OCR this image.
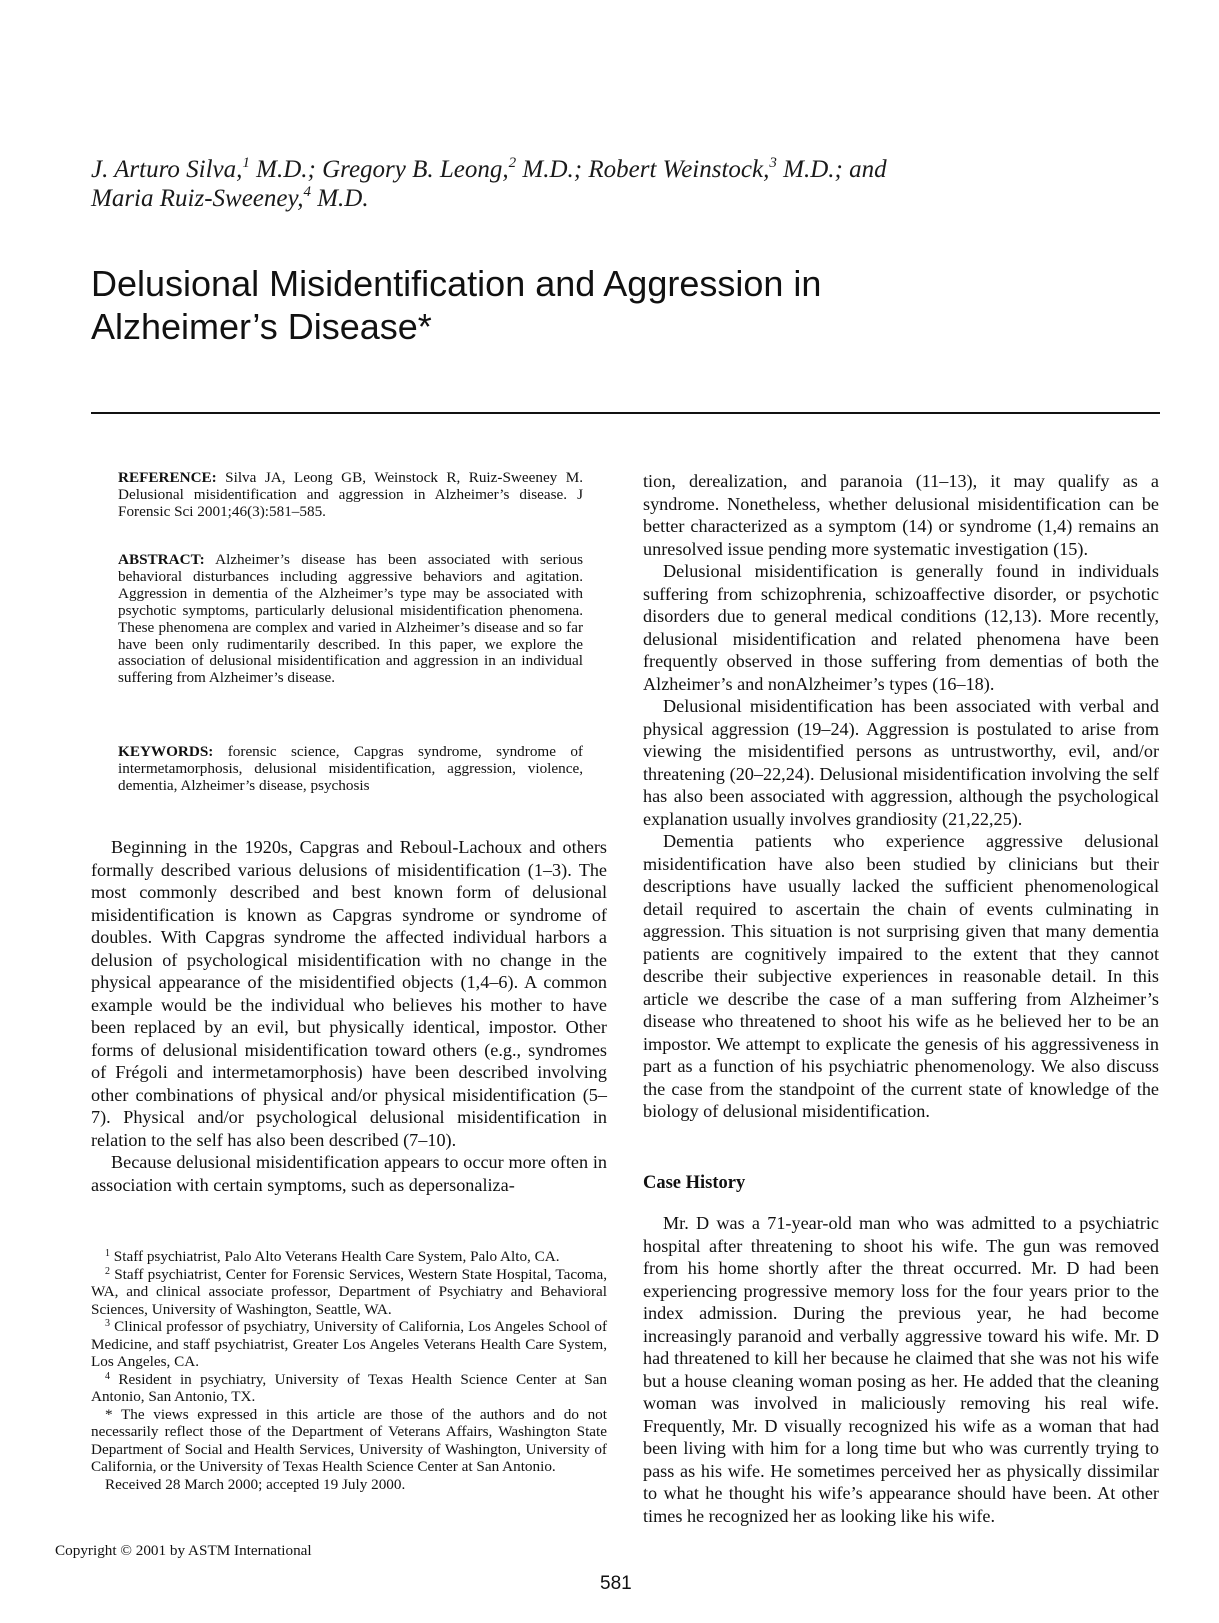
J. Arturo Silva,$^1$ M.D.; Gregory B. Leong,$^2$ M.D.; Robert Weinstock,$^3$ M.D.; and
Maria Ruiz-Sweeney,$^4$ M.D.
Delusional Misidentification and Aggression in
Alzheimer’s Disease*
REFERENCE: Silva JA, Leong GB, Weinstock R, Ruiz-Sweeney M. Delusional misidentification and aggression in Alzheimer’s disease. J Forensic Sci 2001;46(3):581–585.
ABSTRACT: Alzheimer’s disease has been associated with serious behavioral disturbances including aggressive behaviors and agitation. Aggression in dementia of the Alzheimer’s type may be associated with psychotic symptoms, particularly delusional misidentification phenomena. These phenomena are complex and varied in Alzheimer’s disease and so far have been only rudimentarily described. In this paper, we explore the association of delusional misidentification and aggression in an individual suffering from Alzheimer’s disease.
KEYWORDS: forensic science, Capgras syndrome, syndrome of intermetamorphosis, delusional misidentification, aggression, violence, dementia, Alzheimer’s disease, psychosis

Beginning in the 1920s, Capgras and Reboul-Lachoux and others formally described various delusions of misidentification (1–3). The most commonly described and best known form of delusional misidentification is known as Capgras syndrome or syndrome of doubles. With Capgras syndrome the affected individual harbors a delusion of psychological misidentification with no change in the physical appearance of the misidentified objects (1,4–6). A common example would be the individual who believes his mother to have been replaced by an evil, but physically identical, impostor. Other forms of delusional misidentification toward others (e.g., syndromes of Frégoli and intermetamorphosis) have been described involving other combinations of physical and/or physical misidentification (5–7). Physical and/or psychological delusional misidentification in relation to the self has also been described (7–10).

Because delusional misidentification appears to occur more often in association with certain symptoms, such as depersonaliza-

$^1$ Staff psychiatrist, Palo Alto Veterans Health Care System, Palo Alto, CA.

$^2$ Staff psychiatrist, Center for Forensic Services, Western State Hospital, Tacoma, WA, and clinical associate professor, Department of Psychiatry and Behavioral Sciences, University of Washington, Seattle, WA.

$^3$ Clinical professor of psychiatry, University of California, Los Angeles School of Medicine, and staff psychiatrist, Greater Los Angeles Veterans Health Care System, Los Angeles, CA.

$^4$ Resident in psychiatry, University of Texas Health Science Center at San Antonio, San Antonio, TX.

* The views expressed in this article are those of the authors and do not necessarily reflect those of the Department of Veterans Affairs, Washington State Department of Social and Health Services, University of Washington, University of California, or the University of Texas Health Science Center at San Antonio.

Received 28 March 2000; accepted 19 July 2000.

tion, derealization, and paranoia (11–13), it may qualify as a syndrome. Nonetheless, whether delusional misidentification can be better characterized as a symptom (14) or syndrome (1,4) remains an unresolved issue pending more systematic investigation (15).

Delusional misidentification is generally found in individuals suffering from schizophrenia, schizoaffective disorder, or psychotic disorders due to general medical conditions (12,13). More recently, delusional misidentification and related phenomena have been frequently observed in those suffering from dementias of both the Alzheimer’s and nonAlzheimer’s types (16–18).

Delusional misidentification has been associated with verbal and physical aggression (19–24). Aggression is postulated to arise from viewing the misidentified persons as untrustworthy, evil, and/or threatening (20–22,24). Delusional misidentification involving the self has also been associated with aggression, although the psychological explanation usually involves grandiosity (21,22,25).

Dementia patients who experience aggressive delusional misidentification have also been studied by clinicians but their descriptions have usually lacked the sufficient phenomenological detail required to ascertain the chain of events culminating in aggression. This situation is not surprising given that many dementia patients are cognitively impaired to the extent that they cannot describe their subjective experiences in reasonable detail. In this article we describe the case of a man suffering from Alzheimer’s disease who threatened to shoot his wife as he believed her to be an impostor. We attempt to explicate the genesis of his aggressiveness in part as a function of his psychiatric phenomenology. We also discuss the case from the standpoint of the current state of knowledge of the biology of delusional misidentification.

Case History

Mr. D was a 71-year-old man who was admitted to a psychiatric hospital after threatening to shoot his wife. The gun was removed from his home shortly after the threat occurred. Mr. D had been experiencing progressive memory loss for the four years prior to the index admission. During the previous year, he had become increasingly paranoid and verbally aggressive toward his wife. Mr. D had threatened to kill her because he claimed that she was not his wife but a house cleaning woman posing as her. He added that the cleaning woman was involved in maliciously removing his real wife. Frequently, Mr. D visually recognized his wife as a woman that had been living with him for a long time but who was currently trying to pass as his wife. He sometimes perceived her as physically dissimilar to what he thought his wife’s appearance should have been. At other times he recognized her as looking like his wife.

Copyright © 2001 by ASTM International
581
